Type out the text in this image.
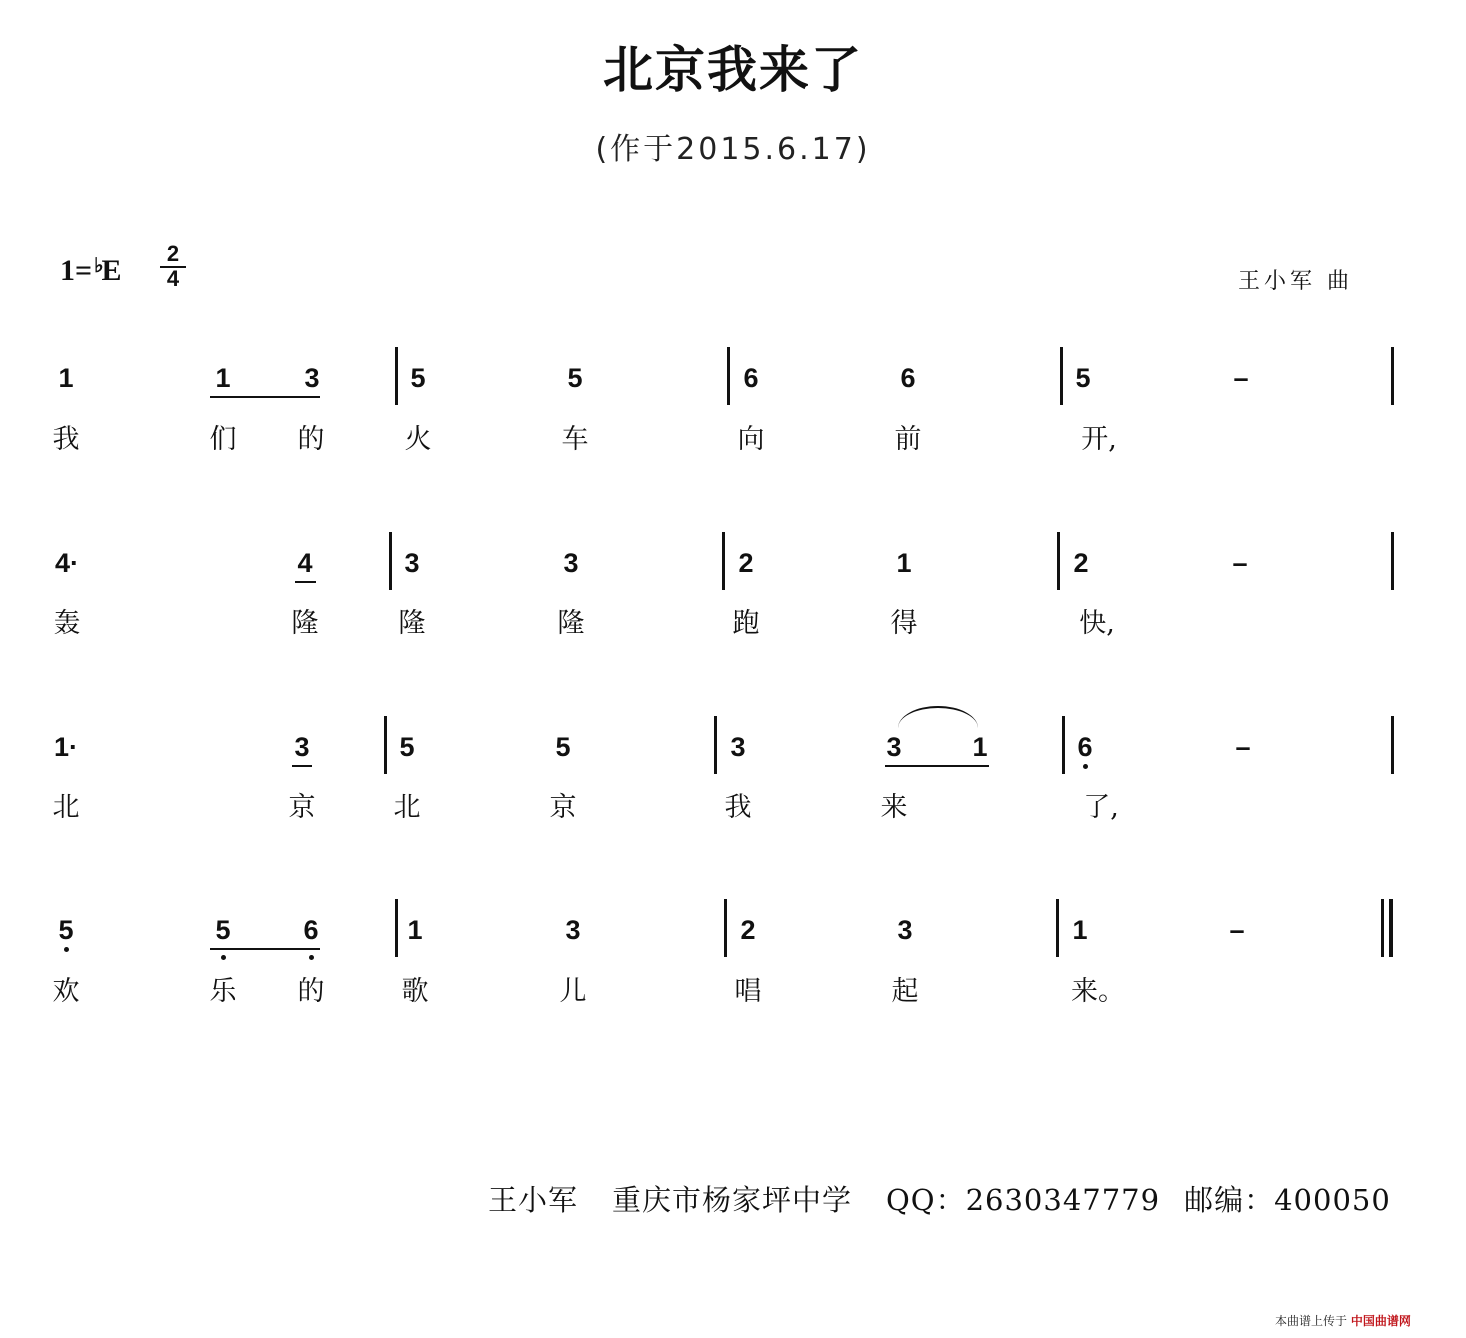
北京我来了
(作于2015.6.17)
1= ♭E
2
4	王小军 曲
1
我
1
们
3
的
5
火
5
车
6
向
6
前
5
开,
–
4·
轰
4
隆
3
隆
3
隆
2
跑
1
得
2
快,
–
1·
北
3
京
5
北
5
京
3
我
3
来
1	6
了,
–
5
欢
5
乐
6
的
1
歌
3
儿
2
唱
3
起
1
来。
–
王小军 重庆市杨家坪中学 QQ：2630347779 邮编：400050
本曲谱上传于 中国曲谱网
